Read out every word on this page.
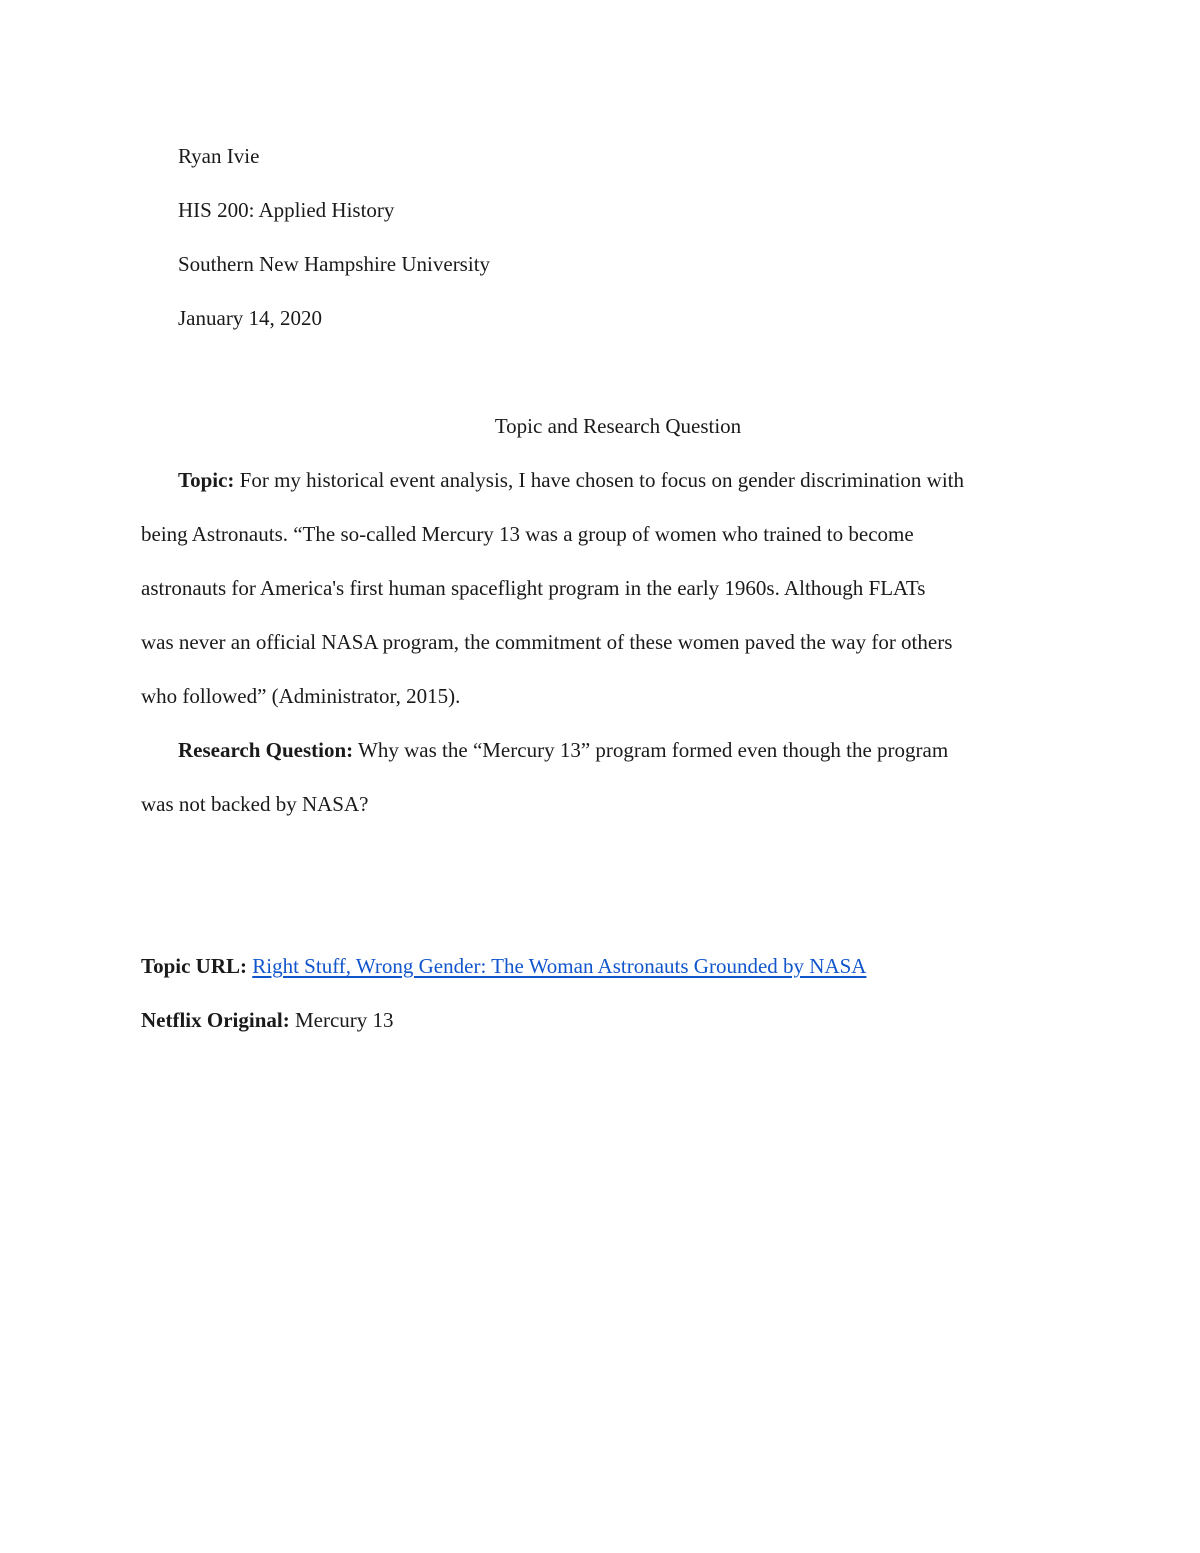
Ryan Ivie
HIS 200: Applied History
Southern New Hampshire University
January 14, 2020
Topic and Research Question
Topic: For my historical event analysis, I have chosen to focus on gender discrimination with
being Astronauts. “The so-called Mercury 13 was a group of women who trained to become
astronauts for America's first human spaceflight program in the early 1960s. Although FLATs
was never an official NASA program, the commitment of these women paved the way for others
who followed” (Administrator, 2015).
Research Question: Why was the “Mercury 13” program formed even though the program
was not backed by NASA?
Topic URL: Right Stuff, Wrong Gender: The Woman Astronauts Grounded by NASA
Netflix Original: Mercury 13
